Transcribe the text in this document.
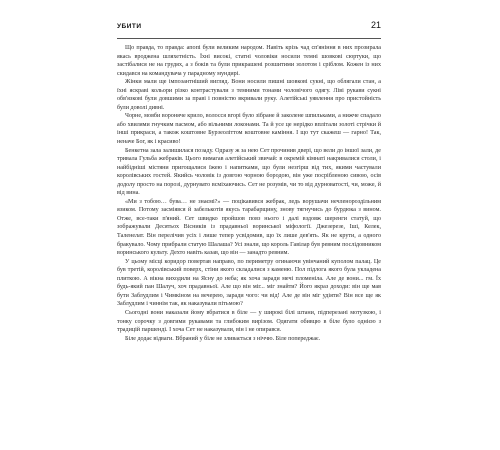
УБИТИ	21

Що правда, то правда: апопі були великим народом. Навіть крізь чад сп'яніння в них прозирала якась вроджена шляхетність. Їхні високі, статні чоловіки носили темні шовкові сюртуки, що застібалися не на грудях, а з боків та були прикрашені розшитими золотом і сріблом. Кожен із них скидався на командувача у парадному мундирі.

Жінки мали ще імпозантніший вигляд. Вони носили пишні шовкові сукні, що облягали стан, а їхні яскраві кольори різко контрастували з темними тонами чоловічого одягу. Ліві рукави сукні обв'язкові були довшими за праві і повністю вкривали руку. Алетійські уявлення про пристойність були доволі дивні.

Чорне, мовби вороняче крило, волосся вгорі було зібране й заколене шпильками, а нижче спадало або хвилями гнучким пасмом, або вільними локонами. Та й усе це нерідко вплітали золоті стрічки й інші прикраси, а також коштовне Бурзеоліттом коштовне каміння. І що тут скажеш — гарно! Так, неначе Бог, як і красиво!

Бенкетна зала залишилася позаду. Одразу ж за нею Сет прочинив двері, що вели до іншої зали, де тривала Гульба жебраків. Цього вимагав алетійський звичай: в окремій кімнаті накривалися столи, і найбідніші містяни пригощалися їжею і напитками, що були незгірш від тих, якими частували королівських гостей. Якийсь чоловік із довгою чорною бородою, він уже посрібленою сивою, осів додолу просто на порозі, дурнувато всміхаючись. Сет не розумів, чи то від дурноватості, чи, може, й від вина.

«Ми з тобою… бува… не знаємі?» — поцікавився жебрак, ледь ворушачи нечленороздільним язиком. Потому засміявся й забелькотів якусь тарабарщину, знову тягнучись до бурдюка з вином. Отже, все-таки п'яний. Сет швидко пройшов повз нього і далі вздовж шеренги статуй, що зображували Десятьох Вісників із прадавньої воринської міфології. Джезерезе, Іші, Келек, Таленелат. Він перелічив усіх і лише тепер усвідомив, що їх лише дев'ять. Як не крути, а одного бракувало. Чому прибрали статую Шалаша? Усі знали, що король Гавілар був ревним послідовником воринського культу. Дехто навіть казав, що він — занадто ревним.

У цьому місці коридор повертав направо, по периметру огинаючи увінчаний куполом палац. Це був третій, королівський поверх, стіни якого складалися з каменю. Пол підлога якого була укладена плиткою. А вікна виходили на Ясну до неба; як хоча заради мечі пломеніла. Але де вони... гм. Їх будь-який пан Шалуч, хоч прадавньої. Але що він міг... міг знайти? Його якраз доходи: він ще мав бути Заблудлим і Чимкіном на вечерею, заради чого: чи від! Але де він міг удіяти? Він все ще як Заблудлим і чиннім так, як наказували пітьмою?

Сьогодні вони наказали йому вбратися в біле — у широкі білі штани, підперезані мотузкою, і тонку сорочку з довгими рукавами та глибоким вирізом. Одягати обивцю в біле було однією з традицій паршенді. І хоча Сет не наказували, він і не опирався.

Біле додає відваги. Вбраний у біле не зливається з ніччю. Біле попереджає.
